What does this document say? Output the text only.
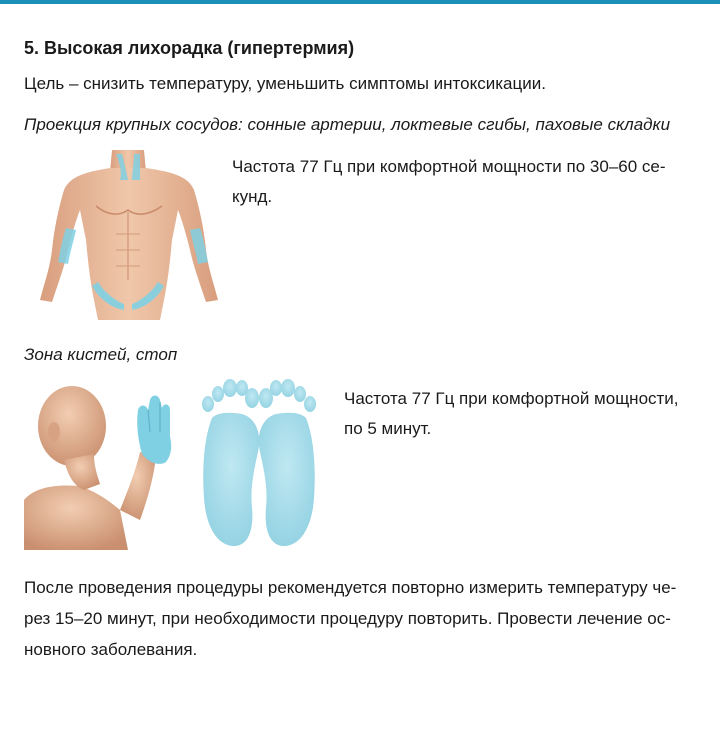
5. Высокая лихорадка (гипертермия)
Цель – снизить температуру, уменьшить симптомы интоксикации.
Проекция крупных сосудов: сонные артерии, локтевые сгибы, паховые складки
Частота 77 Гц при комфортной мощности по 30–60 се-
кунд.
Зона кистей, стоп
Частота 77 Гц при комфортной мощности,
по 5 минут.
После проведения процедуры рекомендуется повторно измерить температуру че-
рез 15–20 минут, при необходимости процедуру повторить. Провести лечение ос-
новного заболевания.
